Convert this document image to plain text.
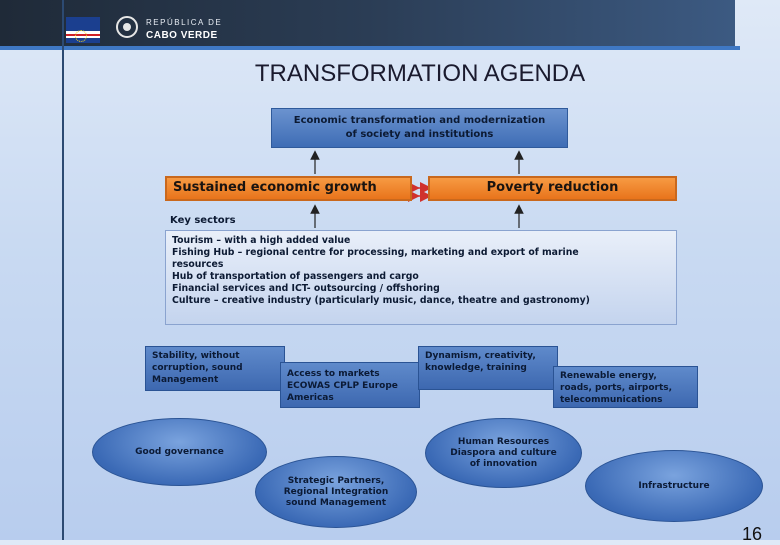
REPÚBLICA DE
CABO VERDE
TRANSFORMATION AGENDA
Economic transformation and modernization
of society and institutions
Sustained economic growth	Poverty reduction
Key sectors
Tourism – with a high added value
Fishing Hub – regional centre for processing, marketing and export of marine
resources
Hub of transportation of passengers and cargo
Financial services and ICT- outsourcing / offshoring
Culture – creative industry (particularly music, dance, theatre and gastronomy)
Stability, without
corruption, sound
Management
Access to markets
ECOWAS CPLP Europe
Americas
Dynamism, creativity,
knowledge, training
Renewable energy,
roads, ports, airports,
telecommunications
Good governance
Human Resources
Diaspora and culture
of innovation
Strategic Partners,
Regional Integration
sound Management
Infrastructure
16
